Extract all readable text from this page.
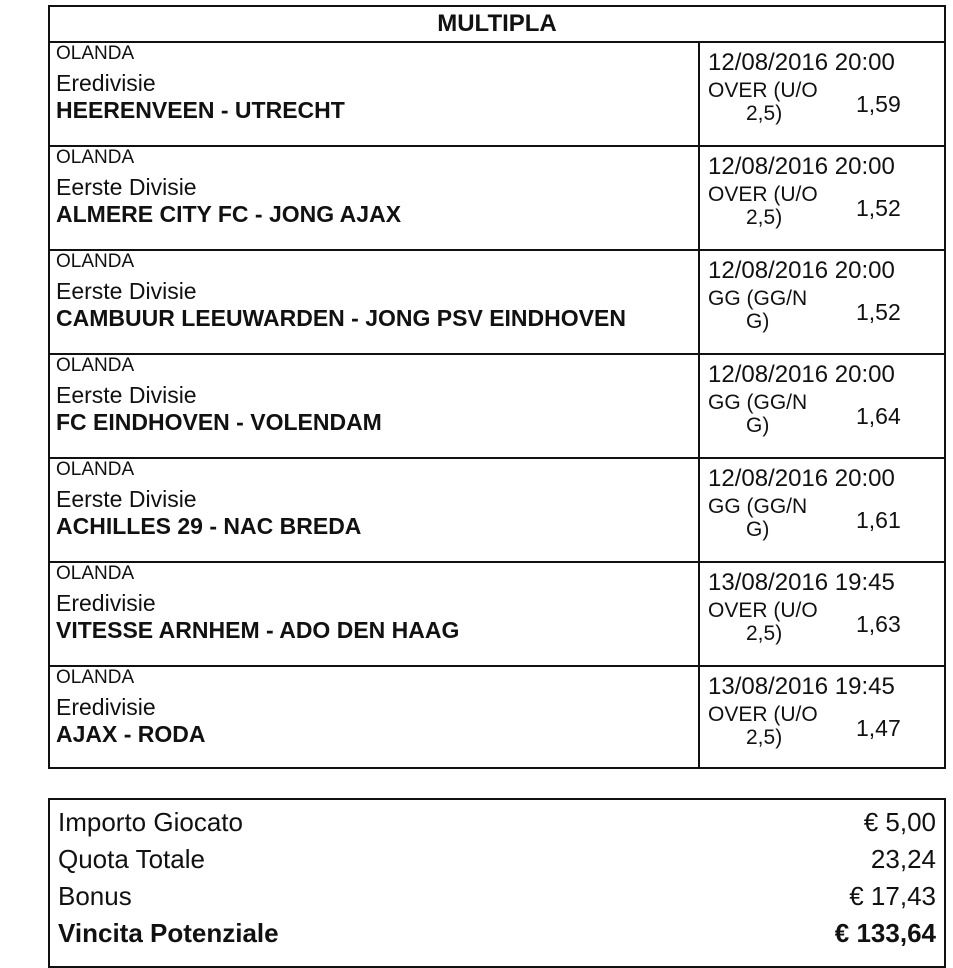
MULTIPLA
OLANDA
Eredivisie
HEERENVEEN - UTRECHT
12/08/2016 20:00
OVER (U/O
2,5)	1,59
OLANDA
Eerste Divisie
ALMERE CITY FC - JONG AJAX
12/08/2016 20:00
OVER (U/O
2,5)	1,52
OLANDA
Eerste Divisie
CAMBUUR LEEUWARDEN - JONG PSV EINDHOVEN
12/08/2016 20:00
GG (GG/N
G)	1,52
OLANDA
Eerste Divisie
FC EINDHOVEN - VOLENDAM
12/08/2016 20:00
GG (GG/N
G)	1,64
OLANDA
Eerste Divisie
ACHILLES 29 - NAC BREDA
12/08/2016 20:00
GG (GG/N
G)	1,61
OLANDA
Eredivisie
VITESSE ARNHEM - ADO DEN HAAG
13/08/2016 19:45
OVER (U/O
2,5)	1,63
OLANDA
Eredivisie
AJAX - RODA
13/08/2016 19:45
OVER (U/O
2,5)	1,47
Importo Giocato	€ 5,00
Quota Totale	23,24
Bonus	€ 17,43
Vincita Potenziale	€ 133,64
